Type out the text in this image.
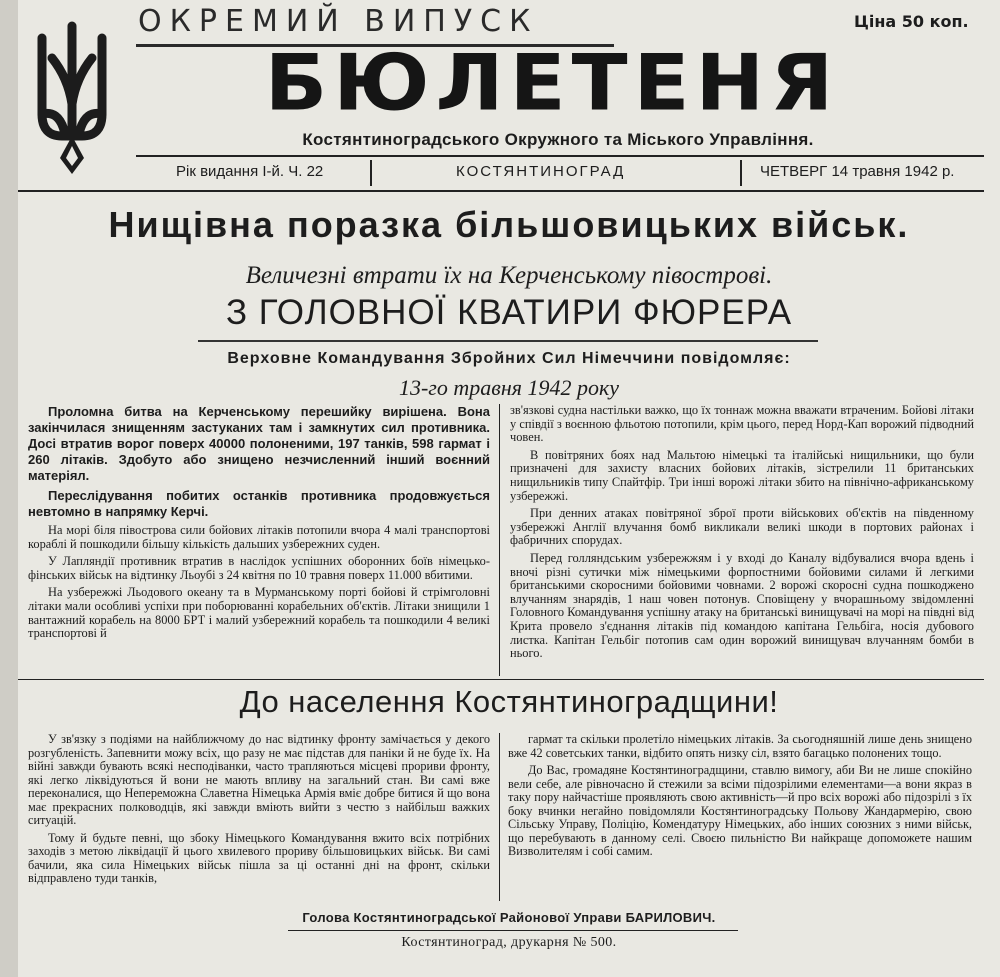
ОКРЕМИЙ ВИПУСК	Ціна 50 коп.
БЮЛЕТЕНЯ
Костянтиноградського Окружного та Міського Управління.
Рік видання I-й. Ч. 22	КОСТЯНТИНОГРАД	ЧЕТВЕРГ 14 травня 1942 р.
Нищівна поразка більшовицьких військ.
Величезні втрати їх на Керченському півострові.
З ГОЛОВНОЇ КВАТИРИ ФЮРЕРА
Верховне Командування Збройних Сил Німеччини повідомляє:
13-го травня 1942 року

Проломна битва на Керченському перешийку вирішена. Вона закінчилася знищенням застуканих там і замкнутих сил противника. Досі втратив ворог поверх 40000 полоненими, 197 танків, 598 гармат і 260 літаків. Здобуто або знищено незчисленний інший воєнний матеріял.

Переслідування побитих останків противника продовжується невтомно в напрямку Керчі.

На морі біля півострова сили бойових літаків потопили вчора 4 малі транспортові кораблі й пошкодили більшу кількість дальших узбережних суден.

У Лапляндії противник втратив в наслідок успішних оборонних боїв німецько-фінських військ на відтинку Льоубі з 24 квітня по 10 травня поверх 11.000 вбитими.

На узбережжі Льодового океану та в Мурманському порті бойові й стрімголовні літаки мали особливі успіхи при поборюванні корабельних об'єктів. Літаки знищили 1 вантажний корабель на 8000 БРТ і малий узбережний корабель та пошкодили 4 великі транспортові й

зв'язкові судна настільки важко, що їх тоннаж можна вважати втраченим. Бойові літаки у співдії з воєнною фльотою потопили, крім цього, перед Норд-Кап ворожий підводний човен.

В повітряних боях над Мальтою німецькі та італійські нищильники, що були призначені для захисту власних бойових літаків, зістрелили 11 британських нищильників типу Спайтфір. Три інші ворожі літаки збито на північно-африканському узбережжі.

При денних атаках повітряної зброї проти військових об'єктів на південному узбережжі Англії влучання бомб викликали великі шкоди в портових районах і фабричних спорудах.

Перед голляндським узбережжям і у вході до Каналу відбувалися вчора вдень і вночі різні сутички між німецькими форпостними бойовими силами й легкими британськими скоросними бойовими човнами. 2 ворожі скоросні судна пошкоджено влучанням знарядів, 1 наш човен потонув. Сповіщену у вчорашньому звідомленні Головного Командування успішну атаку на британські винищувачі на морі на півдні від Крита провело з'єднання літаків під командою капітана Гельбіга, носія дубового листка. Капітан Гельбіг потопив сам один ворожий винищувач влучанням бомби в нього.

До населення Костянтиноградщини!

У зв'язку з подіями на найближчому до нас відтинку фронту замічається у декого розгублeність. Запевнити можу всіх, що разу не має підстав для паніки й не буде їх. На війні завжди бувають всякі несподіванки, часто трапляються місцеві прориви фронту, які легко ліквідуються й вони не мають впливу на загальний стан. Ви самі вже переконалися, що Непереможна Славетна Німецька Армія вміє добре битися й що вона має прекрасних полководців, які завжди вміють вийти з честю з найбільш важких ситуацій.

Тому й будьте певні, що збоку Німецького Командування вжито всіх потрібних заходів з метою ліквідації й цього хвилевого прориву більшовицьких військ. Ви самі бачили, яка сила Німецьких військ пішла за ці останні дні на фронт, скільки відправлено туди танків,

гармат та скільки пролетіло німецьких літаків. За сьогодняшній лише день знищено вже 42 советських танки, відбито опять низку сіл, взято багацько полонених тощо.

До Вас, громадяне Костянтиноградщини, ставлю вимогу, аби Ви не лише спокійно вели себе, але рівночасно й стежили за всіми підозрілими елементами—а вони якраз в таку пору найчастіше проявляють свою активність—й про всіх ворожі або підозрілі з їх боку вчинки негайно повідомляли Костянтиноградську Польову Жандармерію, свою Сільську Управу, Поліцію, Комендатуру Німецьких, або інших союзних з ними військ, що перебувають в данному селі. Своєю пильністю Ви найкраще допоможете нашим Визволителям і собі самим.

Голова Костянтиноградської Районової Управи БАРИЛОВИЧ.
Костянтиноград, друкарня № 500.
